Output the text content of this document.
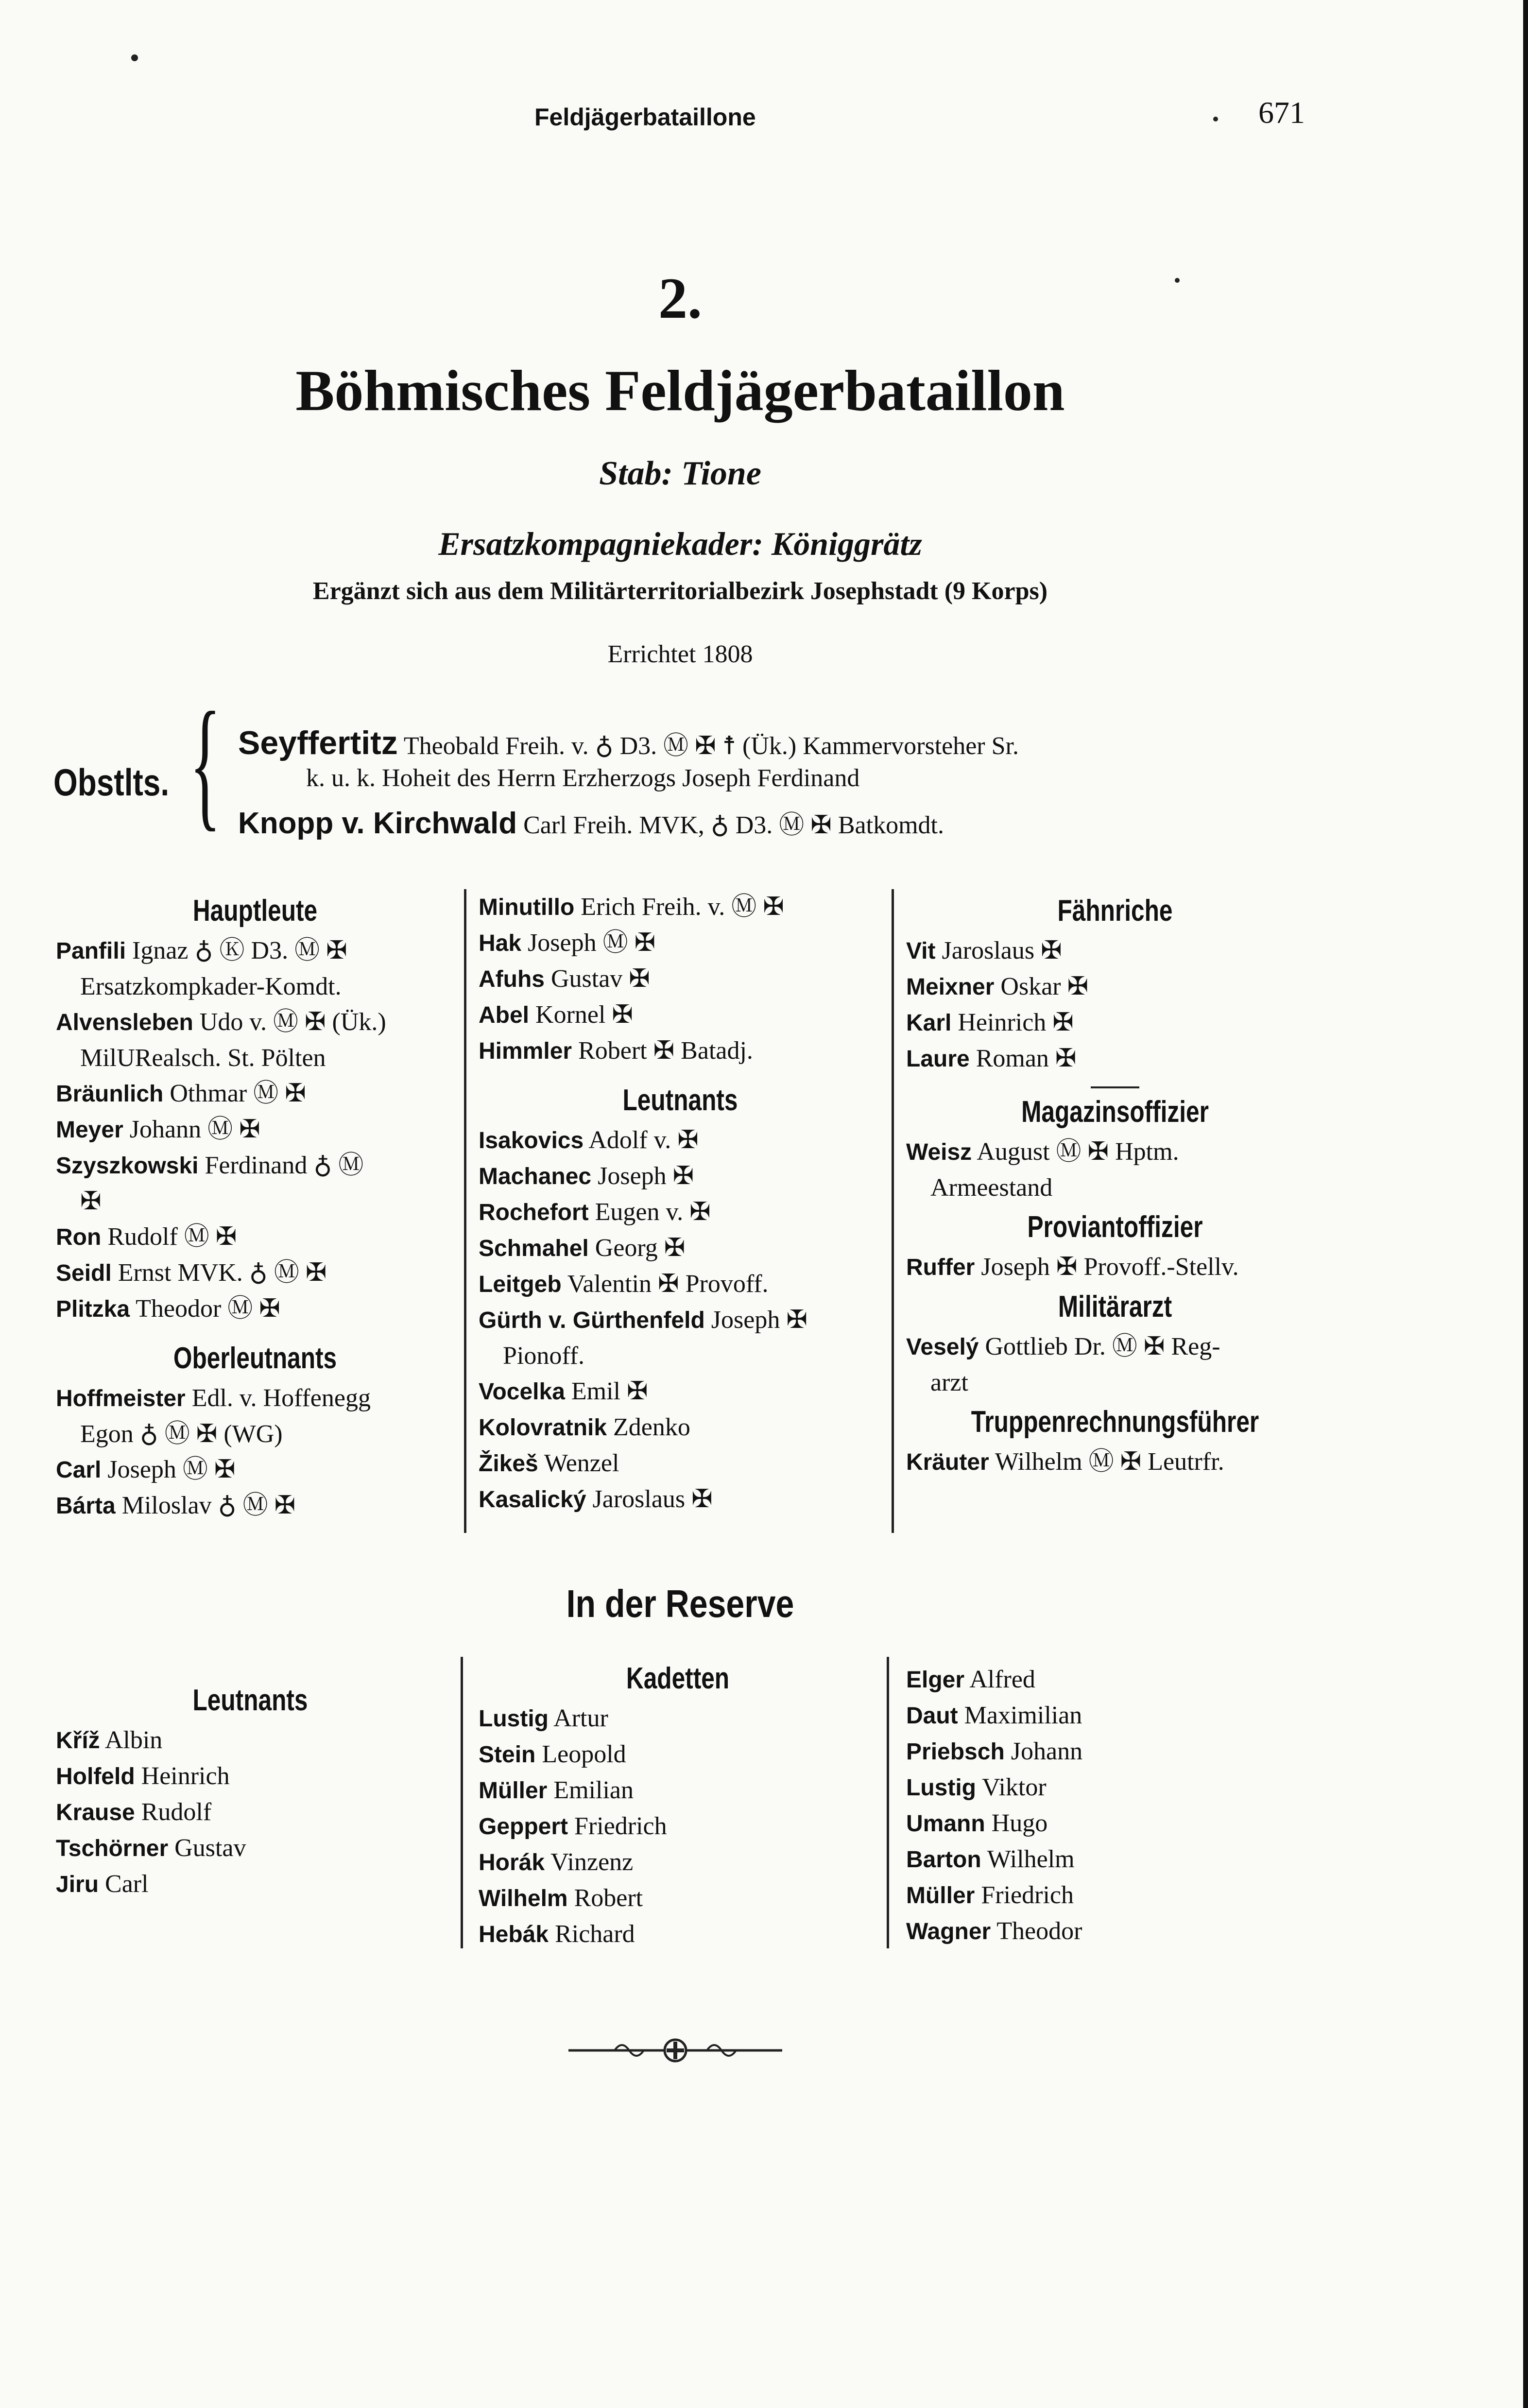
Feldjägerbataillone	671
2.
Böhmisches Feldjägerbataillon
Stab: Tione
Ersatzkompagniekader: Königgrätz
Ergänzt sich aus dem Militärterritorialbezirk Josephstadt (9 Korps)
Errichtet 1808
Obstlts. { Seyffertitz Theobald Freih. v. ♁ D3. Ⓜ ✠ ☨ (Ük.) Kammervorsteher Sr.
k. u. k. Hoheit des Herrn Erzherzogs Joseph Ferdinand
Knopp v. Kirchwald Carl Freih. MVK, ♁ D3. Ⓜ ✠ Batkomdt.
Hauptleute
Panfili Ignaz ♁ Ⓚ D3. Ⓜ ✠
Ersatzkompkader-Komdt.
Alvensleben Udo v. Ⓜ ✠ (Ük.)
MilURealsch. St. Pölten
Bräunlich Othmar Ⓜ ✠
Meyer Johann Ⓜ ✠
Szyszkowski Ferdinand ♁ Ⓜ
✠
Ron Rudolf Ⓜ ✠
Seidl Ernst MVK. ♁ Ⓜ ✠
Plitzka Theodor Ⓜ ✠
Oberleutnants
Hoffmeister Edl. v. Hoffenegg
Egon ♁ Ⓜ ✠ (WG)
Carl Joseph Ⓜ ✠
Bárta Miloslav ♁ Ⓜ ✠
Minutillo Erich Freih. v. Ⓜ ✠
Hak Joseph Ⓜ ✠
Afuhs Gustav ✠
Abel Kornel ✠
Himmler Robert ✠ Batadj.
Leutnants
Isakovics Adolf v. ✠
Machanec Joseph ✠
Rochefort Eugen v. ✠
Schmahel Georg ✠
Leitgeb Valentin ✠ Provoff.
Gürth v. Gürthenfeld Joseph ✠
Pionoff.
Vocelka Emil ✠
Kolovratnik Zdenko
Žikeš Wenzel
Kasalický Jaroslaus ✠
Fähnriche
Vit Jaroslaus ✠
Meixner Oskar ✠
Karl Heinrich ✠
Laure Roman ✠
Magazinsoffizier
Weisz August Ⓜ ✠ Hptm.
Armeestand
Proviantoffizier
Ruffer Joseph ✠ Provoff.-Stellv.
Militärarzt
Veselý Gottlieb Dr. Ⓜ ✠ Reg-
arzt
Truppenrechnungsführer
Kräuter Wilhelm Ⓜ ✠ Leutrfr.
In der Reserve
Leutnants
Kříž Albin
Holfeld Heinrich
Krause Rudolf
Tschörner Gustav
Jiru Carl
Kadetten
Lustig Artur
Stein Leopold
Müller Emilian
Geppert Friedrich
Horák Vinzenz
Wilhelm Robert
Hebák Richard
Elger Alfred
Daut Maximilian
Priebsch Johann
Lustig Viktor
Umann Hugo
Barton Wilhelm
Müller Friedrich
Wagner Theodor
